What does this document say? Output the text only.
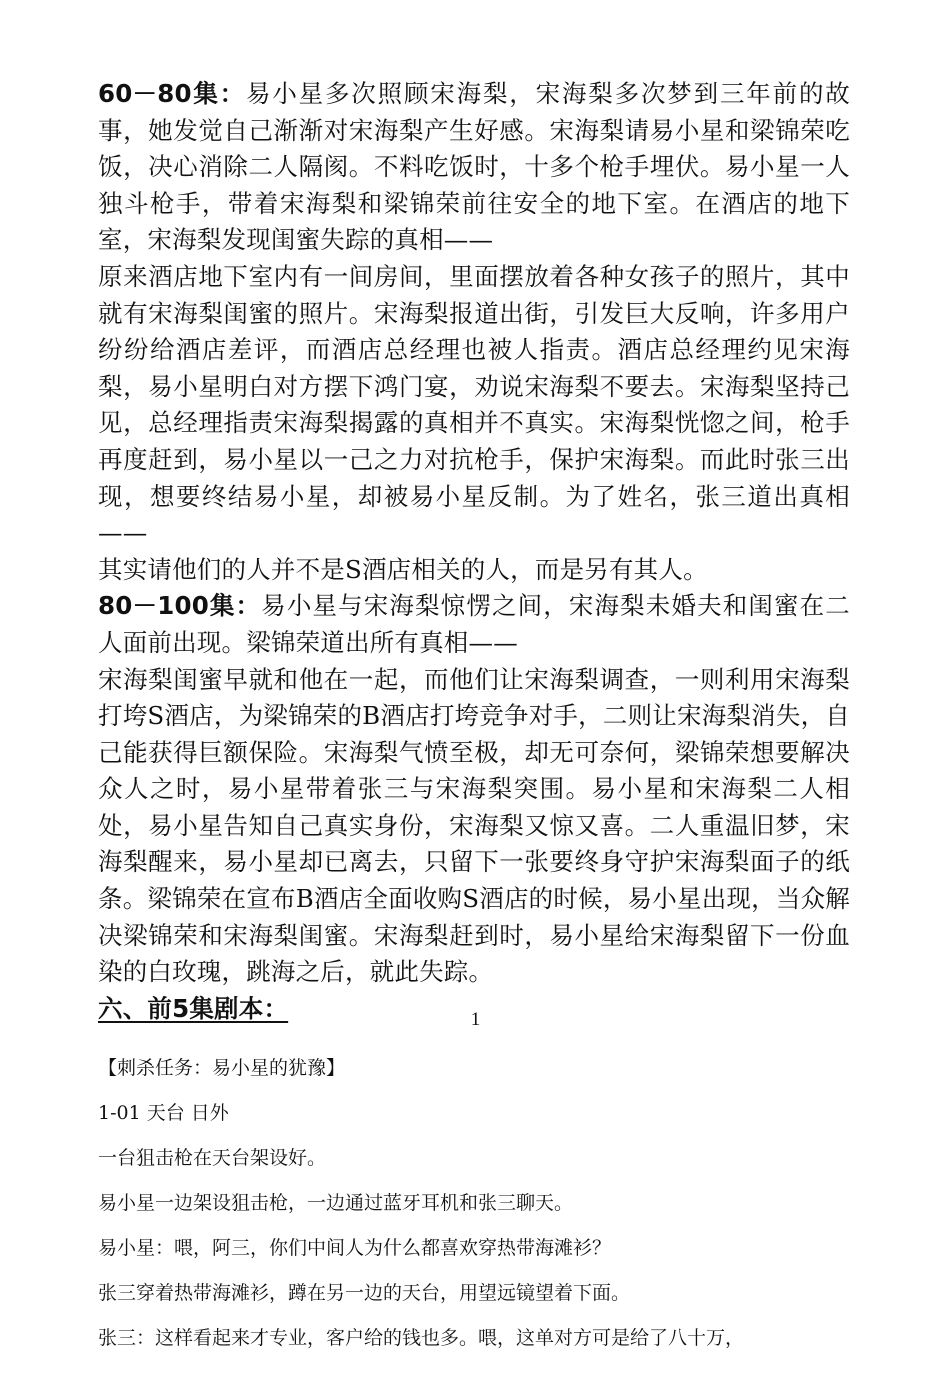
60－80集：易小星多次照顾宋海梨，宋海梨多次梦到三年前的故事，她发觉自己渐渐对宋海梨产生好感。宋海梨请易小星和梁锦荣吃饭，决心消除二人隔阂。不料吃饭时，十多个枪手埋伏。易小星一人独斗枪手，带着宋海梨和梁锦荣前往安全的地下室。在酒店的地下室，宋海梨发现闺蜜失踪的真相——

原来酒店地下室内有一间房间，里面摆放着各种女孩子的照片，其中就有宋海梨闺蜜的照片。宋海梨报道出街，引发巨大反响，许多用户纷纷给酒店差评，而酒店总经理也被人指责。酒店总经理约见宋海梨，易小星明白对方摆下鸿门宴，劝说宋海梨不要去。宋海梨坚持己见，总经理指责宋海梨揭露的真相并不真实。宋海梨恍惚之间，枪手再度赶到，易小星以一己之力对抗枪手，保护宋海梨。而此时张三出现，想要终结易小星，却被易小星反制。为了姓名，张三道出真相——

其实请他们的人并不是S酒店相关的人，而是另有其人。

80－100集：易小星与宋海梨惊愣之间，宋海梨未婚夫和闺蜜在二人面前出现。梁锦荣道出所有真相——

宋海梨闺蜜早就和他在一起，而他们让宋海梨调查，一则利用宋海梨打垮S酒店，为梁锦荣的B酒店打垮竞争对手，二则让宋海梨消失，自己能获得巨额保险。宋海梨气愤至极，却无可奈何，梁锦荣想要解决众人之时，易小星带着张三与宋海梨突围。易小星和宋海梨二人相处，易小星告知自己真实身份，宋海梨又惊又喜。二人重温旧梦，宋海梨醒来，易小星却已离去，只留下一张要终身守护宋海梨面子的纸条。梁锦荣在宣布B酒店全面收购S酒店的时候，易小星出现，当众解决梁锦荣和宋海梨闺蜜。宋海梨赶到时，易小星给宋海梨留下一份血染的白玫瑰，跳海之后，就此失踪。

六、前5集剧本：	1

【刺杀任务：易小星的犹豫】

1-01 天台 日外

一台狙击枪在天台架设好。

易小星一边架设狙击枪，一边通过蓝牙耳机和张三聊天。

易小星：喂，阿三，你们中间人为什么都喜欢穿热带海滩衫？

张三穿着热带海滩衫，蹲在另一边的天台，用望远镜望着下面。

张三：这样看起来才专业，客户给的钱也多。喂，这单对方可是给了八十万，
